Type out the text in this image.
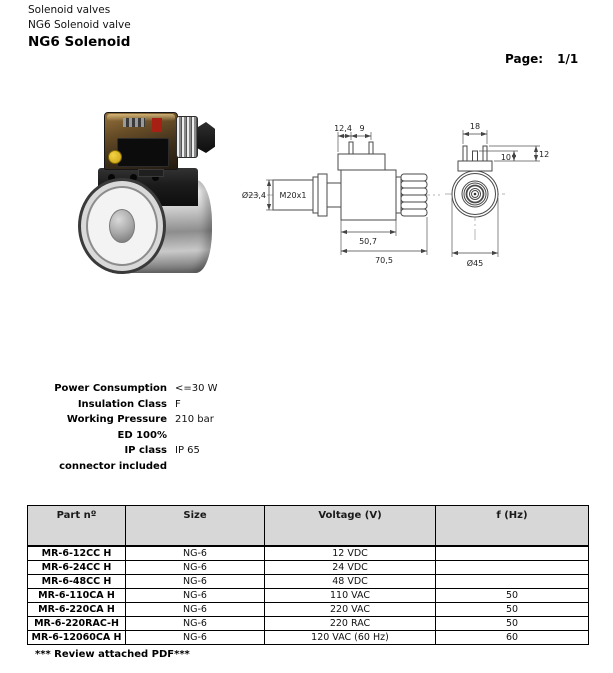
Solenoid valves
NG6 Solenoid valve
NG6 Solenoid
Page: 1/1
M20x1
Ø23,4
12,4 9
50,7
70,5
18
10	12
Ø45
Power Consumption <=30 W
Insulation Class F
Working Pressure 210 bar
ED 100%
IP class IP 65
connector included
Part nº	Size	Voltage (V)	f (Hz)
MR-6-12CC H	NG-6	12 VDC	
MR-6-24CC H	NG-6	24 VDC	
MR-6-48CC H	NG-6	48 VDC	
MR-6-110CA H	NG-6	110 VAC	50
MR-6-220CA H	NG-6	220 VAC	50
MR-6-220RAC-H	NG-6	220 RAC	50
MR-6-12060CA H	NG-6	120 VAC (60 Hz)	60
*** Review attached PDF***
